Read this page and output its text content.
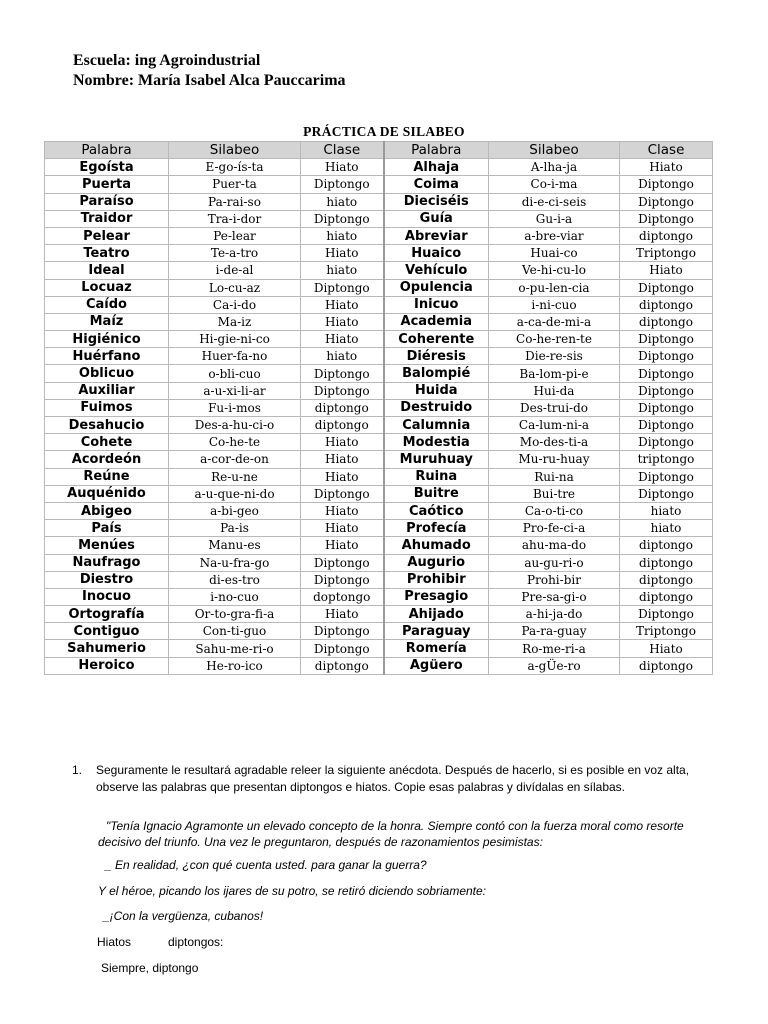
Escuela: ing Agroindustrial
Nombre: María Isabel Alca Pauccarima
PRÁCTICA DE SILABEO
Palabra	Silabeo	Clase	Palabra	Silabeo	Clase
Egoísta	E-go-ís-ta	Hiato	Alhaja	A-lha-ja	Hiato
Puerta	Puer-ta	Diptongo	Coima	Co-i-ma	Diptongo
Paraíso	Pa-rai-so	hiato	Dieciséis	di-e-ci-seis	Diptongo
Traidor	Tra-i-dor	Diptongo	Guía	Gu-i-a	Diptongo
Pelear	Pe-lear	hiato	Abreviar	a-bre-viar	diptongo
Teatro	Te-a-tro	Hiato	Huaico	Huai-co	Triptongo
Ideal	i-de-al	hiato	Vehículo	Ve-hi-cu-lo	Hiato
Locuaz	Lo-cu-az	Diptongo	Opulencia	o-pu-len-cia	Diptongo
Caído	Ca-i-do	Hiato	Inicuo	i-ni-cuo	diptongo
Maíz	Ma-iz	Hiato	Academia	a-ca-de-mi-a	diptongo
Higiénico	Hi-gie-ni-co	Hiato	Coherente	Co-he-ren-te	Diptongo
Huérfano	Huer-fa-no	hiato	Diéresis	Die-re-sis	Diptongo
Oblicuo	o-bli-cuo	Diptongo	Balompié	Ba-lom-pi-e	Diptongo
Auxiliar	a-u-xi-li-ar	Diptongo	Huida	Hui-da	Diptongo
Fuimos	Fu-i-mos	diptongo	Destruido	Des-trui-do	Diptongo
Desahucio	Des-a-hu-ci-o	diptongo	Calumnia	Ca-lum-ni-a	Diptongo
Cohete	Co-he-te	Hiato	Modestia	Mo-des-ti-a	Diptongo
Acordeón	a-cor-de-on	Hiato	Muruhuay	Mu-ru-huay	triptongo
Reúne	Re-u-ne	Hiato	Ruina	Rui-na	Diptongo
Auquénido	a-u-que-ni-do	Diptongo	Buitre	Bui-tre	Diptongo
Abigeo	a-bi-geo	Hiato	Caótico	Ca-o-ti-co	hiato
País	Pa-is	Hiato	Profecía	Pro-fe-ci-a	hiato
Menúes	Manu-es	Hiato	Ahumado	ahu-ma-do	diptongo
Naufrago	Na-u-fra-go	Diptongo	Augurio	au-gu-ri-o	diptongo
Diestro	di-es-tro	Diptongo	Prohibir	Prohi-bir	diptongo
Inocuo	i-no-cuo	doptongo	Presagio	Pre-sa-gi-o	diptongo
Ortografía	Or-to-gra-fi-a	Hiato	Ahijado	a-hi-ja-do	Diptongo
Contiguo	Con-ti-guo	Diptongo	Paraguay	Pa-ra-guay	Triptongo
Sahumerio	Sahu-me-ri-o	Diptongo	Romería	Ro-me-ri-a	Hiato
Heroico	He-ro-ico	diptongo	Agüero	a-gÜe-ro	diptongo
1. Seguramente le resultará agradable releer la siguiente anécdota. Después de hacerlo, si es posible en voz alta, observe las palabras que presentan diptongos e hiatos. Copie esas palabras y divídalas en sílabas.
"Tenía Ignacio Agramonte un elevado concepto de la honra. Siempre contó con la fuerza moral como resorte decisivo del triunfo. Una vez le preguntaron, después de razonamientos pesimistas:
_ En realidad, ¿con qué cuenta usted. para ganar la guerra?
Y el héroe, picando los ijares de su potro, se retiró diciendo sobriamente:
_¡Con la vergüenza, cubanos!
Hiatos	diptongos:
Siempre, diptongo
